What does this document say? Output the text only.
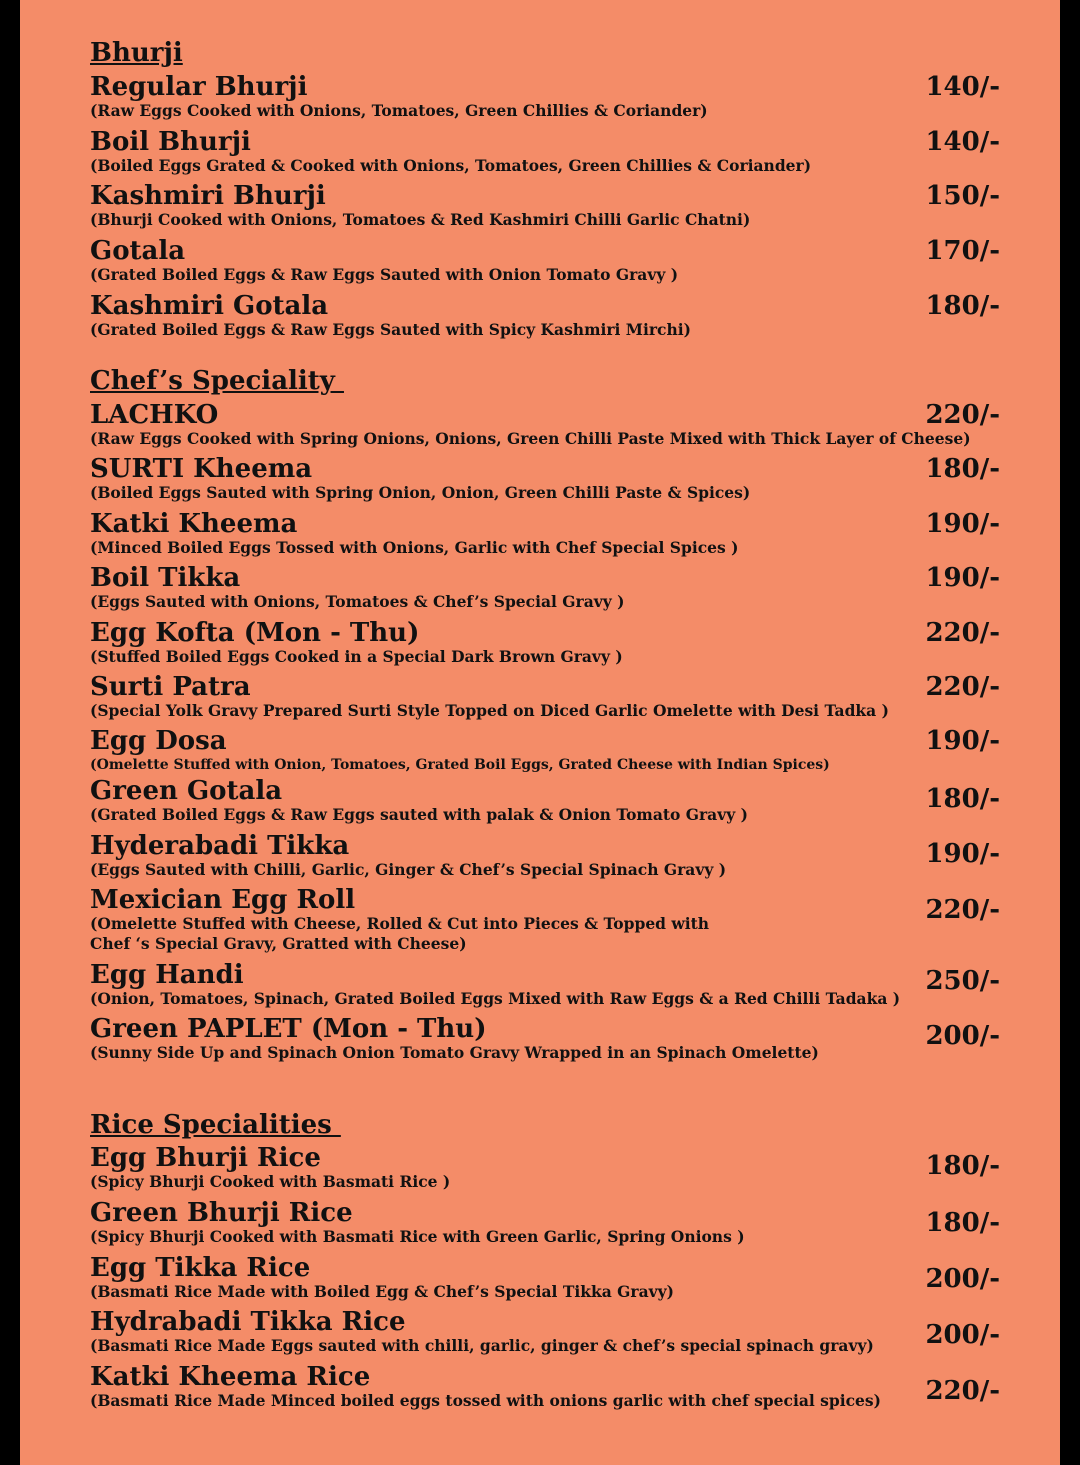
Bhurji
Regular Bhurji	140/-
(Raw Eggs Cooked with Onions, Tomatoes, Green Chillies & Coriander)
Boil Bhurji	140/-
(Boiled Eggs Grated & Cooked with Onions, Tomatoes, Green Chillies & Coriander)
Kashmiri Bhurji	150/-
(Bhurji Cooked with Onions, Tomatoes & Red Kashmiri Chilli Garlic Chatni)
Gotala	170/-
(Grated Boiled Eggs & Raw Eggs Sauted with Onion Tomato Gravy )
Kashmiri Gotala	180/-
(Grated Boiled Eggs & Raw Eggs Sauted with Spicy Kashmiri Mirchi)
Chef’s Speciality
LACHKO	220/-
(Raw Eggs Cooked with Spring Onions, Onions, Green Chilli Paste Mixed with Thick Layer of Cheese)
SURTI Kheema	180/-
(Boiled Eggs Sauted with Spring Onion, Onion, Green Chilli Paste & Spices)
Katki Kheema	190/-
(Minced Boiled Eggs Tossed with Onions, Garlic with Chef Special Spices )
Boil Tikka	190/-
(Eggs Sauted with Onions, Tomatoes & Chef’s Special Gravy )
Egg Kofta (Mon - Thu)	220/-
(Stuffed Boiled Eggs Cooked in a Special Dark Brown Gravy )
Surti Patra	220/-
(Special Yolk Gravy Prepared Surti Style Topped on Diced Garlic Omelette with Desi Tadka )
Egg Dosa	190/-
(Omelette Stuffed with Onion, Tomatoes, Grated Boil Eggs, Grated Cheese with Indian Spices)
Green Gotala	180/-
(Grated Boiled Eggs & Raw Eggs sauted with palak & Onion Tomato Gravy )
Hyderabadi Tikka	190/-
(Eggs Sauted with Chilli, Garlic, Ginger & Chef’s Special Spinach Gravy )
Mexician Egg Roll	220/-
(Omelette Stuffed with Cheese, Rolled & Cut into Pieces & Topped with
Chef ‘s Special Gravy, Gratted with Cheese)
Egg Handi	250/-
(Onion, Tomatoes, Spinach, Grated Boiled Eggs Mixed with Raw Eggs & a Red Chilli Tadaka )
Green PAPLET (Mon - Thu)	200/-
(Sunny Side Up and Spinach Onion Tomato Gravy Wrapped in an Spinach Omelette)
Rice Specialities
Egg Bhurji Rice	180/-
(Spicy Bhurji Cooked with Basmati Rice )
Green Bhurji Rice	180/-
(Spicy Bhurji Cooked with Basmati Rice with Green Garlic, Spring Onions )
Egg Tikka Rice	200/-
(Basmati Rice Made with Boiled Egg & Chef’s Special Tikka Gravy)
Hydrabadi Tikka Rice	200/-
(Basmati Rice Made Eggs sauted with chilli, garlic, ginger & chef’s special spinach gravy)
Katki Kheema Rice	220/-
(Basmati Rice Made Minced boiled eggs tossed with onions garlic with chef special spices)
